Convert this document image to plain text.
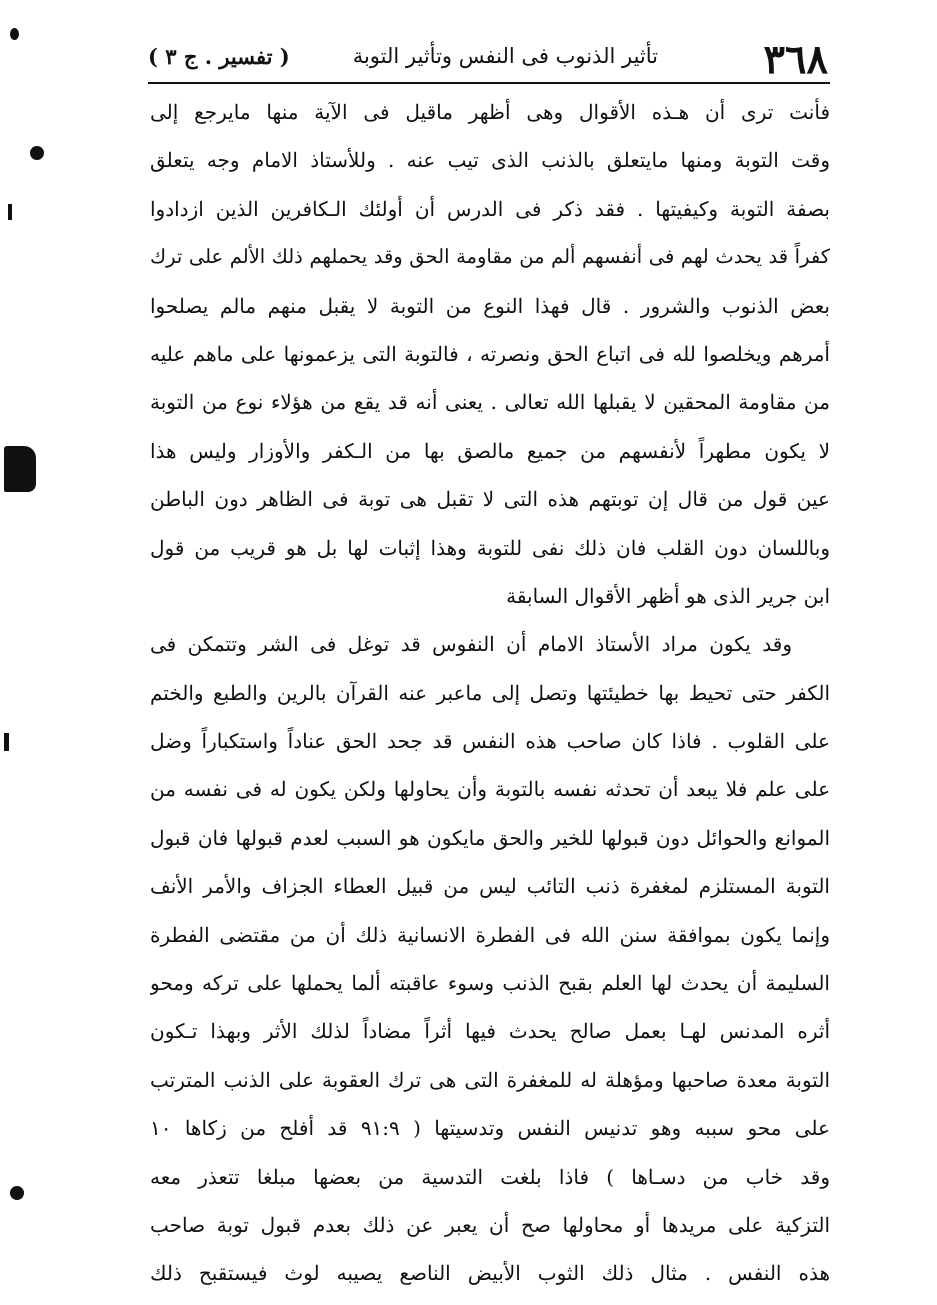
٣٦٨
تأثير الذنوب فى النفس وتأثير التوبة
( تفسير . ج ٣ )
فأنت ترى أن هـذه الأقوال وهى أظهر ماقيل فى الآية منها مايرجع إلى
وقت التوبة ومنها مايتعلق بالذنب الذى تيب عنه . وللأستاذ الامام وجه يتعلق
بصفة التوبة وكيفيتها . فقد ذكر فى الدرس أن أولئك الـكافرين الذين ازدادوا
كفراً قد يحدث لهم فى أنفسهم ألم من مقاومة الحق وقد يحملهم ذلك الألم على ترك
بعض الذنوب والشرور . قال فهذا النوع من التوبة لا يقبل منهم مالم يصلحوا
أمرهم ويخلصوا لله فى اتباع الحق ونصرته ، فالتوبة التى يزعمونها على ماهم عليه
من مقاومة المحقين لا يقبلها الله تعالى . يعنى أنه قد يقع من هؤلاء نوع من التوبة
لا يكون مطهراً لأنفسهم من جميع مالصق بها من الـكفر والأوزار وليس هذا
عين قول من قال إن توبتهم هذه التى لا تقبل هى توبة فى الظاهر دون الباطن
وباللسان دون القلب فان ذلك نفى للتوبة وهذا إثبات لها بل هو قريب من قول
ابن جرير الذى هو أظهر الأقوال السابقة
وقد يكون مراد الأستاذ الامام أن النفوس قد توغل فى الشر وتتمكن فى
الكفر حتى تحيط بها خطيئتها وتصل إلى ماعبر عنه القرآن بالرين والطبع والختم
على القلوب . فاذا كان صاحب هذه النفس قد جحد الحق عناداً واستكباراً وضل
على علم فلا يبعد أن تحدثه نفسه بالتوبة وأن يحاولها ولكن يكون له فى نفسه من
الموانع والحوائل دون قبولها للخير والحق مايكون هو السبب لعدم قبولها فان قبول
التوبة المستلزم لمغفرة ذنب التائب ليس من قبيل العطاء الجزاف والأمر الأنف
وإنما يكون بموافقة سنن الله فى الفطرة الانسانية ذلك أن من مقتضى الفطرة
السليمة أن يحدث لها العلم بقبح الذنب وسوء عاقبته ألما يحملها على تركه ومحو
أثره المدنس لهـا بعمل صالح يحدث فيها أثراً مضاداً لذلك الأثر وبهذا تـكون
التوبة معدة صاحبها ومؤهلة له للمغفرة التى هى ترك العقوبة على الذنب المترتب
على محو سببه وهو تدنيس النفس وتدسيتها ( ٩١:٩ قد أفلح من زكاها ١٠
وقد خاب من دسـاها ) فاذا بلغت التدسية من بعضها مبلغا تتعذر معه
التزكية على مريدها أو محاولها صح أن يعبر عن ذلك بعدم قبول توبة صاحب
هذه النفس . مثال ذلك الثوب الأبيض الناصع يصيبه لوث فيستقبح ذلك
